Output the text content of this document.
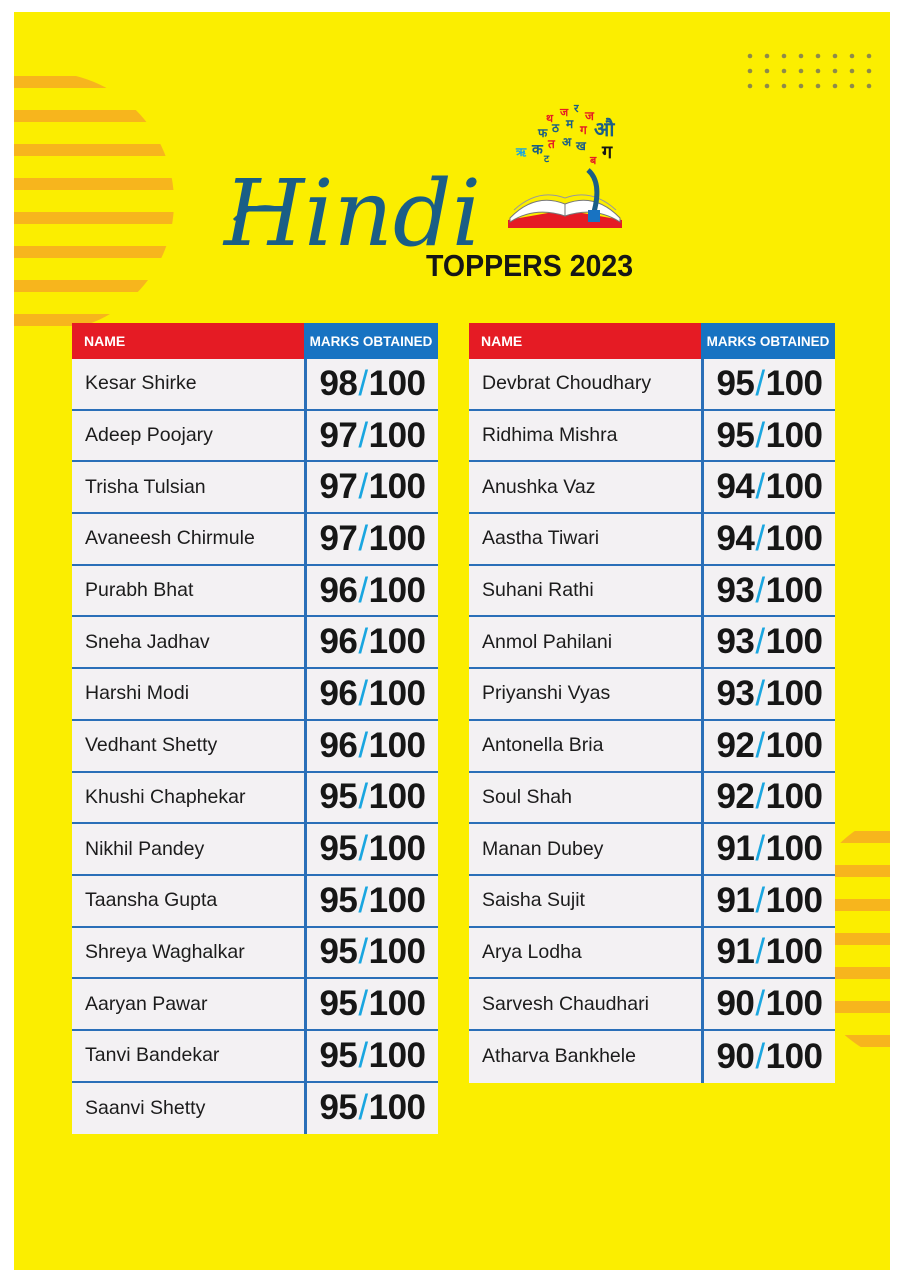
Hindi
थ ज र
ज
फ ठ म ग औ
ऋ क त अ ख ग
ट	ब
TOPPERS 2023
NAME	MARKS OBTAINED
Kesar Shirke	98 / 100
Adeep Poojary	97 / 100
Trisha Tulsian	97 / 100
Avaneesh Chirmule	97 / 100
Purabh Bhat	96 / 100
Sneha Jadhav	96 / 100
Harshi Modi	96 / 100
Vedhant Shetty	96 / 100
Khushi Chaphekar	95 / 100
Nikhil Pandey	95 / 100
Taansha Gupta	95 / 100
Shreya Waghalkar	95 / 100
Aaryan Pawar	95 / 100
Tanvi Bandekar	95 / 100
Saanvi Shetty	95 / 100
NAME	MARKS OBTAINED
Devbrat Choudhary	95 / 100
Ridhima Mishra	95 / 100
Anushka Vaz	94 / 100
Aastha Tiwari	94 / 100
Suhani Rathi	93 / 100
Anmol Pahilani	93 / 100
Priyanshi Vyas	93 / 100
Antonella Bria	92 / 100
Soul Shah	92 / 100
Manan Dubey	91 / 100
Saisha Sujit	91 / 100
Arya Lodha	91 / 100
Sarvesh Chaudhari	90 / 100
Atharva Bankhele	90 / 100
